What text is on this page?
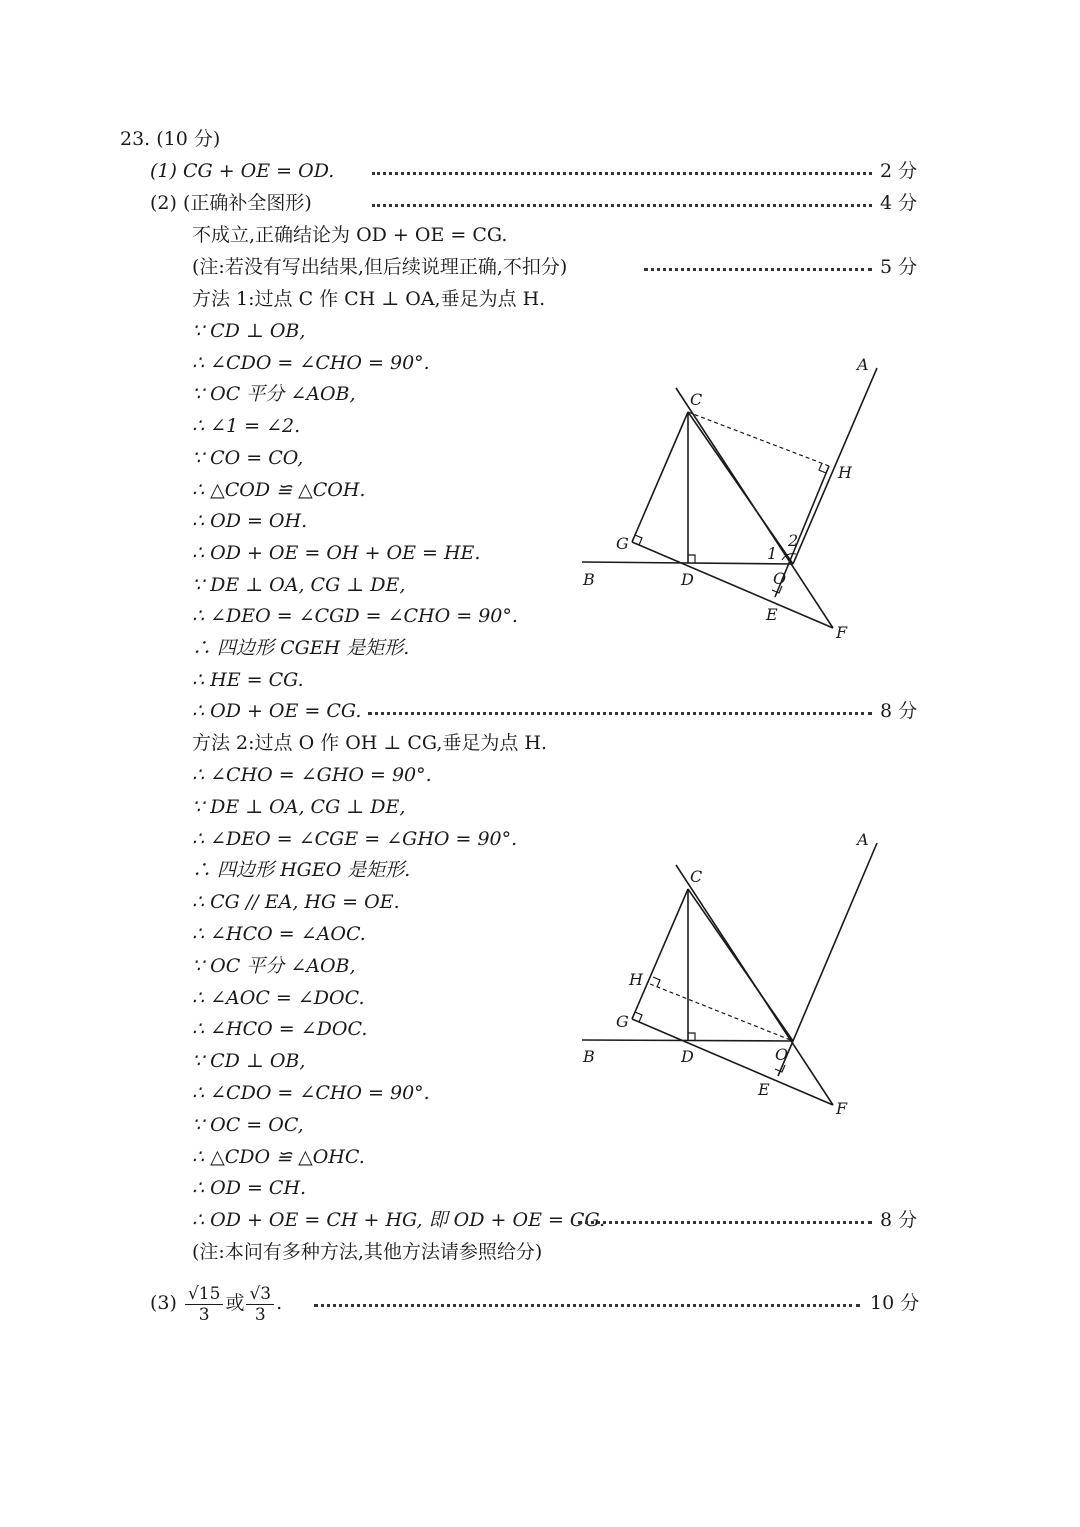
23. (10 分)
(1) CG + OE = OD.	2 分
(2) (正确补全图形)	4 分
不成立,正确结论为 OD + OE = CG.
(注:若没有写出结果,但后续说理正确,不扣分)	5 分
方法 1:过点 C 作 CH ⊥ OA,垂足为点 H.
∵ CD ⊥ OB,
∴ ∠CDO = ∠CHO = 90°.
∵ OC 平分 ∠AOB,
∴ ∠1 = ∠2.
∵ CO = CO,
∴ △COD ≌ △COH.
∴ OD = OH.
∴ OD + OE = OH + OE = HE.
∵ DE ⊥ OA, CG ⊥ DE,
∴ ∠DEO = ∠CGD = ∠CHO = 90°.
∴ 四边形 CGEH 是矩形.
∴ HE = CG.
∴ OD + OE = CG.	8 分
A
B
C
D
E
F
G
H
O
1
2
方法 2:过点 O 作 OH ⊥ CG,垂足为点 H.
∴ ∠CHO = ∠GHO = 90°.
∵ DE ⊥ OA, CG ⊥ DE,
∴ ∠DEO = ∠CGE = ∠GHO = 90°.
∴ 四边形 HGEO 是矩形.
∴ CG // EA, HG = OE.
∴ ∠HCO = ∠AOC.
∵ OC 平分 ∠AOB,
∴ ∠AOC = ∠DOC.
∴ ∠HCO = ∠DOC.
∵ CD ⊥ OB,
∴ ∠CDO = ∠CHO = 90°.
∵ OC = OC,
∴ △CDO ≌ △OHC.
∴ OD = CH.
∴ OD + OE = CH + HG, 即 OD + OE = CG.	8 分
(注:本问有多种方法,其他方法请参照给分)
A
B
C
D
E
F
G
H
O
$(3) \frac{√15}{3}$ 或 $\frac{√3}{3}$ .	10 分
